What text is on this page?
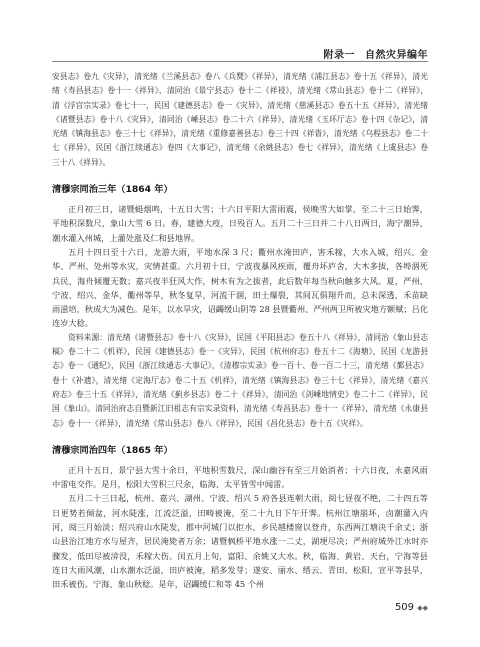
附录一 自然灾异编年

安县志》卷九《灾异》，清光绪《兰溪县志》卷八《兵燹》《祥异》，清光绪《浦江县志》卷十五《祥异》，清光绪《寿昌县志》卷十一《祥异》，清同治《景宁县志》卷十二《祥祲》，清光绪《常山县志》卷十二《祥异》，清《浮宫宗实录》卷七十一，民国《建德县志》卷一《灾异》，清光绪《慈溪县志》卷五十五《祥异》，清光绪《诸暨县志》卷十八《灾异》，清同治《嵊县志》卷二十六《祥异》，清光绪《玉环厅志》卷十四《杂记》，清光绪《镇海县志》卷三十七《祥异》，清光绪《重修嘉善县志》卷三十四《祥眚》，清光绪《乌程县志》卷二十七《祥异》，民国《浙江续通志》卷四《大事记》，清光绪《余姚县志》卷七《祥异》，清光绪《上虞县志》卷三十八《祥异》。

清穆宗同治三年（1864 年）

正月初三日，诸暨蜓烟鸣，十五日大雪；十六日平阳大雷雨震，侯晚雪大如掌，至二十三日始霁，平地积深数尺，象山大雪 6 日。春，建德大疫，日殁百人。五月二十三日并二十八日两日，海宁潮异，潮水灌入州城，上灌处涨及仁和县地界。

五月十四日至十六日，龙游大雨，平地水深 3 尺；衢州水淹田庐，害禾稼，大水入城，绍兴、金华、严州、处州等水灾，灾情甚重。六月初十日，宁波夜暴风疾雨，覆舟坏庐舍，大木多拔，各埠涸死兵民，海舟倾覆无数；嘉兴夜半狂风大作，树木有为之拔者，此后数年每当秋向触多大风。夏，严州、宁波、绍兴、金华、衢州等旱，秋冬复旱，河流干涸，田土爆裂，其间瓦俱翔升而，总未深透，禾苗缺雨滋培，秋成大为减色。是年，以水旱灾，诏蠲缓山阴等 28 县暨衢州、严州两卫所被灾地方额赋；吕化连岁大稔。

资料来源：清光绪《诸暨县志》卷十八《灾异》，民国《平阳县志》卷五十八《祥异》，清同治《象山县志稿》卷二十二《机祥》，民国《建德县志》卷一《灾异》，民国《杭州府志》卷五十二《海塘》，民国《龙游县志》卷一《通纪》，民国《浙江续通志·大事记》，《清穆宗实录》卷一百十、卷一百二十三，清光绪《鄞县志》卷十《补遗》，清光绪《定海厅志》卷二十五《机祥》，清光绪《镇海县志》卷三十七《祥异》，清光绪《嘉兴府志》卷三十五《祥异》，清光绪《蓟乡县志》卷二十《祥异》，清同治《剑嵊地情史》卷二十二《祥异》，民国《象山》。清同治府志自暨新江旧祖志有宗实录资料，清光绪《寿昌县志》卷十一《祥异》，清光绪《永康县志》卷十一《祥异》，清光绪《常山县志》卷八《祥异》，民国《昌化县志》卷十五《灾祥》。

清穆宗同治四年（1865 年）

正月十五日，景宁县大雪十余日，平地积雪数尺，深山幽谷有至三月始消者；十六日夜，永嘉风雨中雷电交作。是月，松阳大雪积三尺余，临海、太平皆雪中闻雷。

五月二十三日起，杭州、嘉兴、湖州、宁波、绍兴 5 府各县连朝大雨，阅七昼夜不绝，二十四五等日更势若倾盆，河水陡涨，江流泛溢，田畴被淹，至二十九日下午开霁。杭州江塘崩坏，卤潮灌入内河，阅三月始淡；绍兴府山水陡发，郡中河城门以拒水，乡民越楼窗以登舟，东西两江塘决千余丈；浙山县治江地方水与屋齐，居民淹毙者万余；诸暨枫桥平地水涨一二丈，湖埂尽决；严州府城外江水时亦骤发，低田尽被渰没，禾稼大伤。闰五月上旬，富阳、余姚又大水。秋，临海、黄岩、天台，宁海等县连日大雨风潮，山水潮水泛溢，田庐被淹，稻多发芽；遂安、丽水、缙云、青田、松阳、宣平等县旱，田禾被伤。宁海、象山秋稔。是年，诏蠲缓仁和等 45 个州

509 ◆◆
